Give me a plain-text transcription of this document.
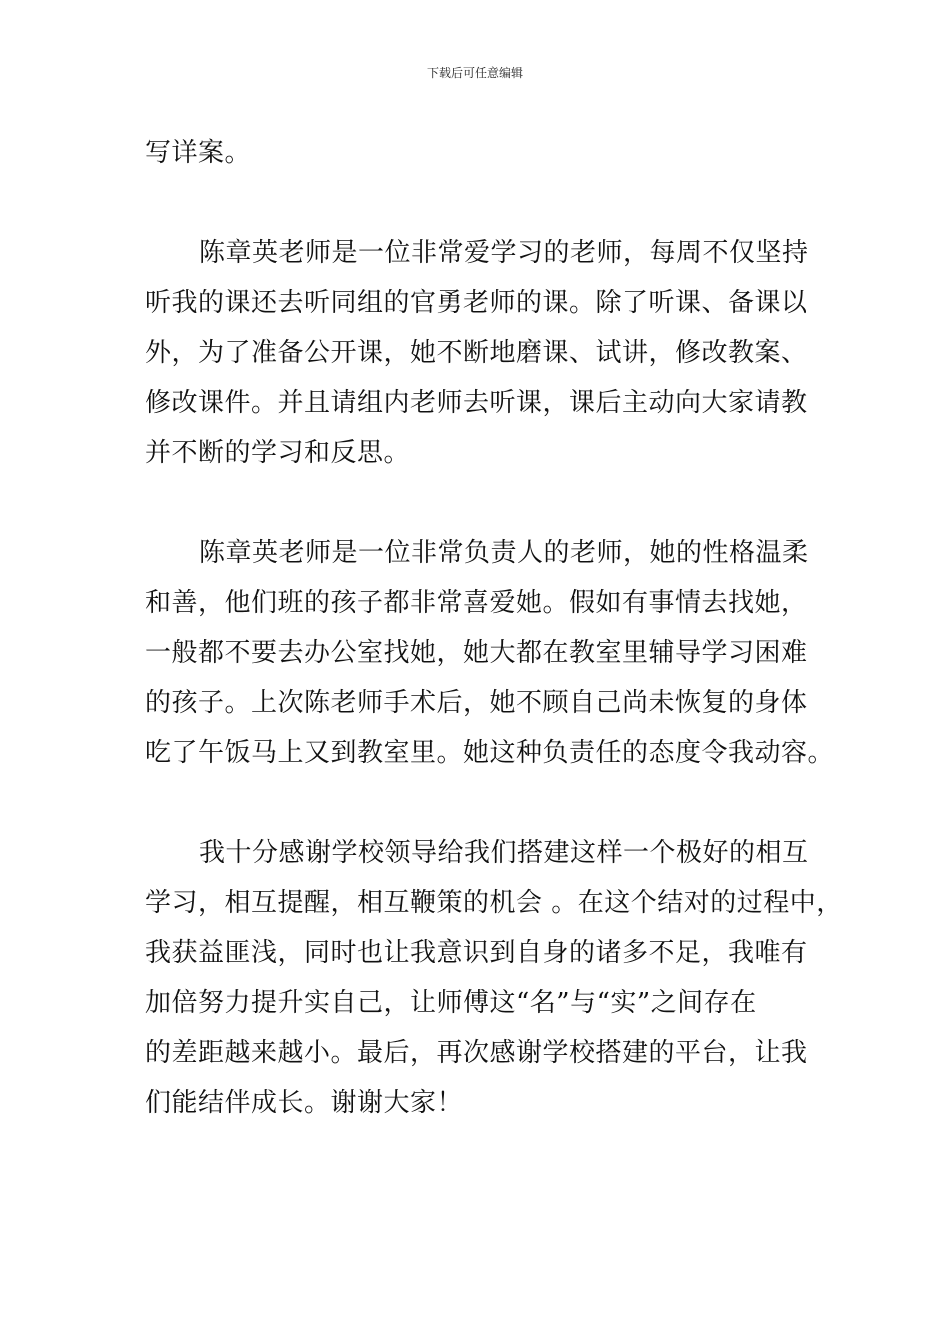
下载后可任意编辑
写详案。
陈章英老师是一位非常爱学习的老师，每周不仅坚持
听我的课还去听同组的官勇老师的课。除了听课、备课以
外，为了准备公开课，她不断地磨课、试讲，修改教案、
修改课件。并且请组内老师去听课，课后主动向大家请教
并不断的学习和反思。
陈章英老师是一位非常负责人的老师，她的性格温柔
和善，他们班的孩子都非常喜爱她。假如有事情去找她，
一般都不要去办公室找她，她大都在教室里辅导学习困难
的孩子。上次陈老师手术后，她不顾自己尚未恢复的身体
吃了午饭马上又到教室里。她这种负责任的态度令我动容。
我十分感谢学校领导给我们搭建这样一个极好的相互
学习，相互提醒，相互鞭策的机会 。在这个结对的过程中，
我获益匪浅，同时也让我意识到自身的诸多不足，我唯有
加倍努力提升实自己，让师傅这“名”与“实”之间存在
的差距越来越小。最后，再次感谢学校搭建的平台，让我
们能结伴成长。谢谢大家！
